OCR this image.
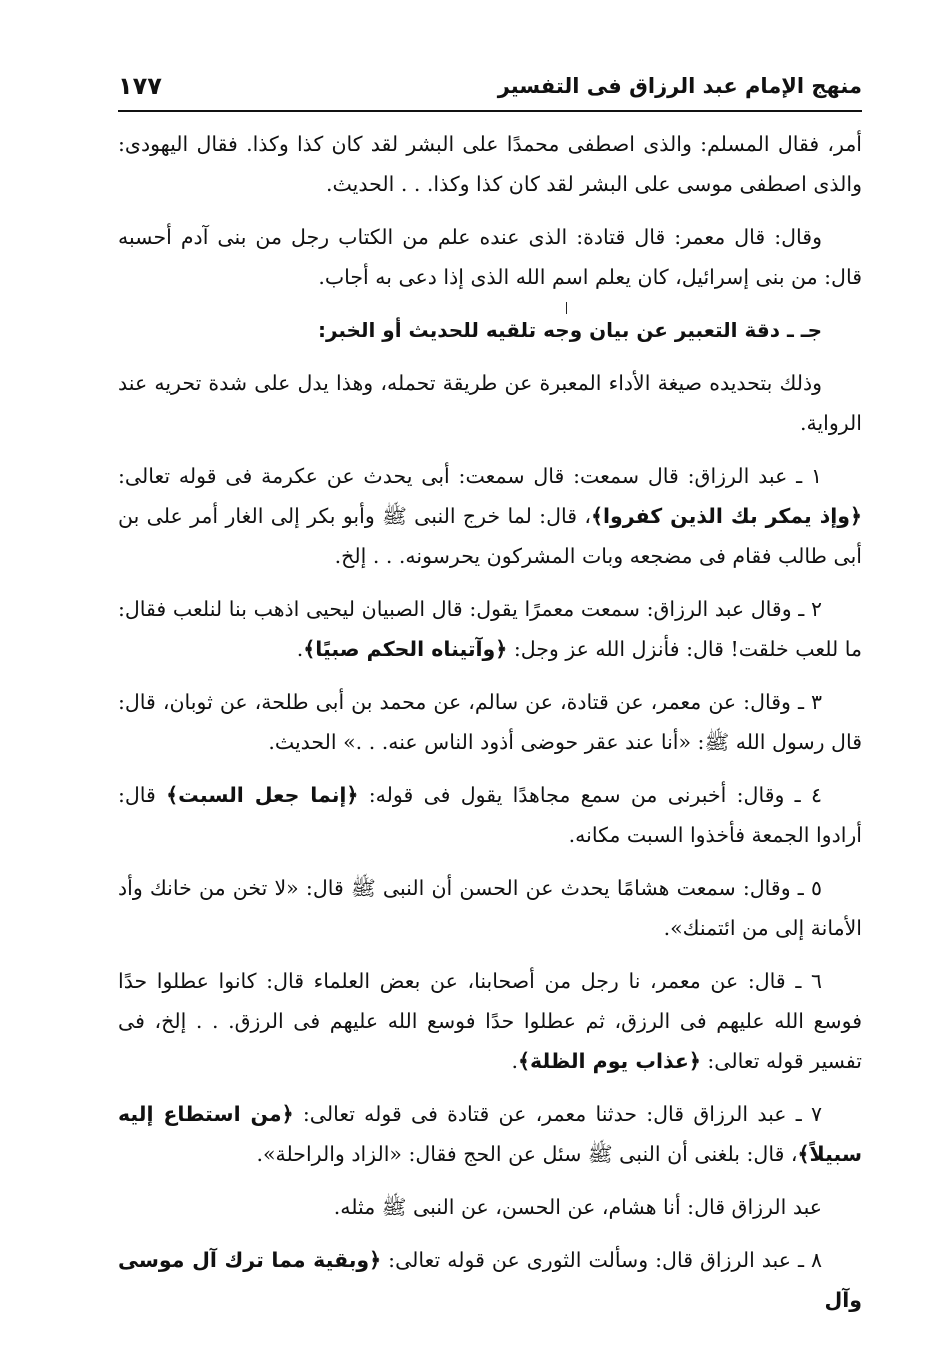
منهج الإمام عبد الرزاق فى التفسير
١٧٧

أمر، فقال المسلم: والذى اصطفى محمدًا على البشر لقد كان كذا وكذا. فقال اليهودى: والذى اصطفى موسى على البشر لقد كان كذا وكذا. . . الحديث.

وقال: قال معمر: قال قتادة: الذى عنده علم من الكتاب رجل من بنى آدم أحسبه قال: من بنى إسرائيل، كان يعلم اسم الله الذى إذا دعى به أجاب.

جـ ـ دقة التعبير عن بيان وجه تلقيه للحديث أو الخبر:

وذلك بتحديده صيغة الأداء المعبرة عن طريقة تحمله، وهذا يدل على شدة تحريه عند الرواية.

١ ـ عبد الرزاق: قال سمعت: قال سمعت: أبى يحدث عن عكرمة فى قوله تعالى: ﴿وإذ يمكر بك الذين كفروا﴾، قال: لما خرج النبى ﷺ وأبو بكر إلى الغار أمر على بن أبى طالب فقام فى مضجعه وبات المشركون يحرسونه. . . إلخ.

٢ ـ وقال عبد الرزاق: سمعت معمرًا يقول: قال الصبيان ليحيى اذهب بنا لنلعب فقال: ما للعب خلقت! قال: فأنزل الله عز وجل: ﴿وآتيناه الحكم صبيًا﴾.

٣ ـ وقال: عن معمر، عن قتادة، عن سالم، عن محمد بن أبى طلحة، عن ثوبان، قال: قال رسول الله ﷺ: «أنا عند عقر حوضى أذود الناس عنه. . .» الحديث.

٤ ـ وقال: أخبرنى من سمع مجاهدًا يقول فى قوله: ﴿إنما جعل السبت﴾ قال: أرادوا الجمعة فأخذوا السبت مكانه.

٥ ـ وقال: سمعت هشامًا يحدث عن الحسن أن النبى ﷺ قال: «لا تخن من خانك وأد الأمانة إلى من ائتمنك».

٦ ـ قال: عن معمر، نا رجل من أصحابنا، عن بعض العلماء قال: كانوا عطلوا حدًا فوسع الله عليهم فى الرزق، ثم عطلوا حدًا فوسع الله عليهم فى الرزق. . . إلخ، فى تفسير قوله تعالى: ﴿عذاب يوم الظلة﴾.

٧ ـ عبد الرزاق قال: حدثنا معمر، عن قتادة فى قوله تعالى: ﴿من استطاع إليه سبيلاً﴾، قال: بلغنى أن النبى ﷺ سئل عن الحج فقال: «الزاد والراحلة».

عبد الرزاق قال: أنا هشام، عن الحسن، عن النبى ﷺ مثله.

٨ ـ عبد الرزاق قال: وسألت الثورى عن قوله تعالى: ﴿وبقية مما ترك آل موسى وآل
